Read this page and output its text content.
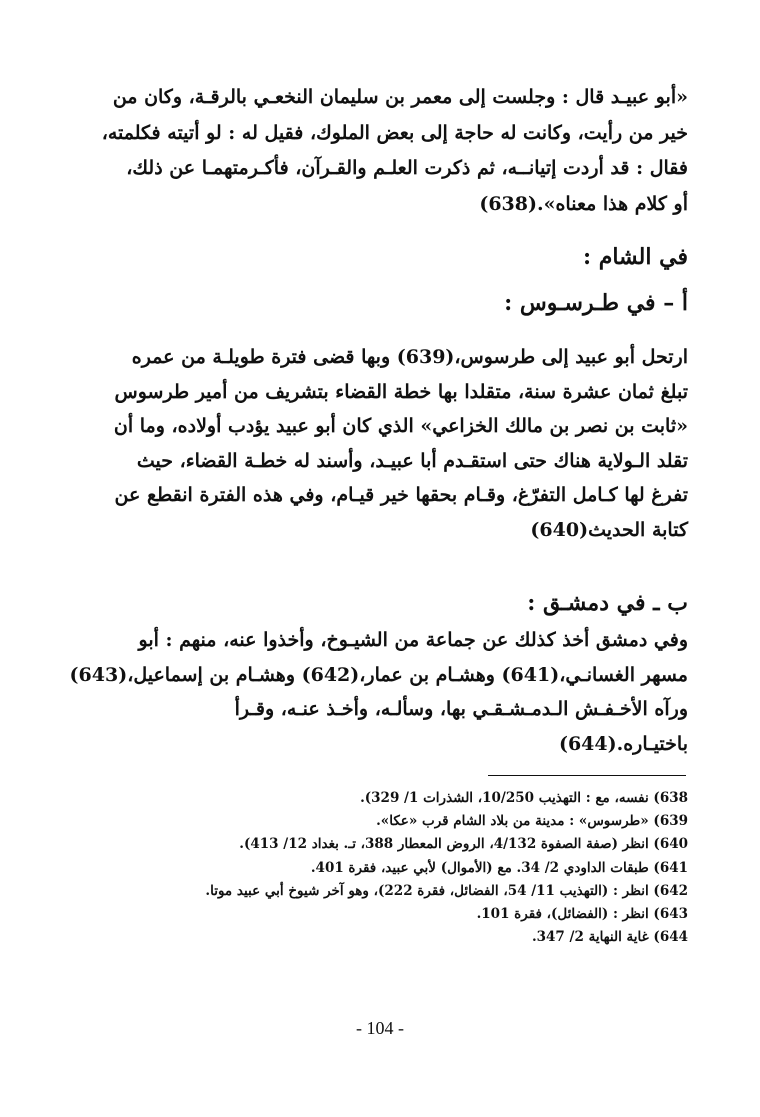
«أبو عبيـد قال : وجلست إلى معمر بن سليمان النخعـي بالرقـة، وكان من
خير من رأيت، وكانت له حاجة إلى بعض الملوك، فقيل له : لو أتيته فكلمته،
فقال : قد أردت إتيانــه، ثم ذكرت العلـم والقـرآن، فأكـرمتهمـا عن ذلك،
أو كلام هذا معناه».(638)
في الشام :
أ – في طـرسـوس :
ارتحل أبو عبيد إلى طرسوس،(639) وبها قضى فترة طويلـة من عمره
تبلغ ثمان عشرة سنة، متقلدا بها خطة القضاء بتشريف من أمير طرسوس
«ثابت بن نصر بن مالك الخزاعي» الذي كان أبو عبيد يؤدب أولاده، وما أن
تقلد الـولاية هناك حتى استقـدم أبا عبيـد، وأسند له خطـة القضاء، حيث
تفرغ لها كـامل التفرّغ، وقـام بحقها خير قيـام، وفي هذه الفترة انقطع عن
كتابة الحديث(640)
ب ـ في دمشـق :
وفي دمشق أخذ كذلك عن جماعة من الشيـوخ، وأخذوا عنه، منهم : أبو
مسهر الغسانـي،(641) وهشـام بن عمار،(642) وهشـام بن إسماعيل،(643)
ورآه الأخـفـش الـدمـشـقـي بها، وسألـه، وأخـذ عنـه، وقـرأ
باختيـاره.(644)
638) نفسه، مع : التهذيب 10/250، الشذرات 1/ 329).
639) «طرسوس» : مدينة من بلاد الشام قرب «عكا».
640) انظر (صفة الصفوة 4/132، الروض المعطار 388، تـ. بغداد 12/ 413).
641) طبقات الداودي 2/ 34. مع (الأموال) لأبي عبيد، فقرة 401.
642) انظر : (التهذيب 11/ 54، الفضائل، فقرة 222)، وهو آخر شيوخ أبي عبيد موتا.
643) انظر : (الفضائل)، فقرة 101.
644) غاية النهاية 2/ 347.
- 104 -
